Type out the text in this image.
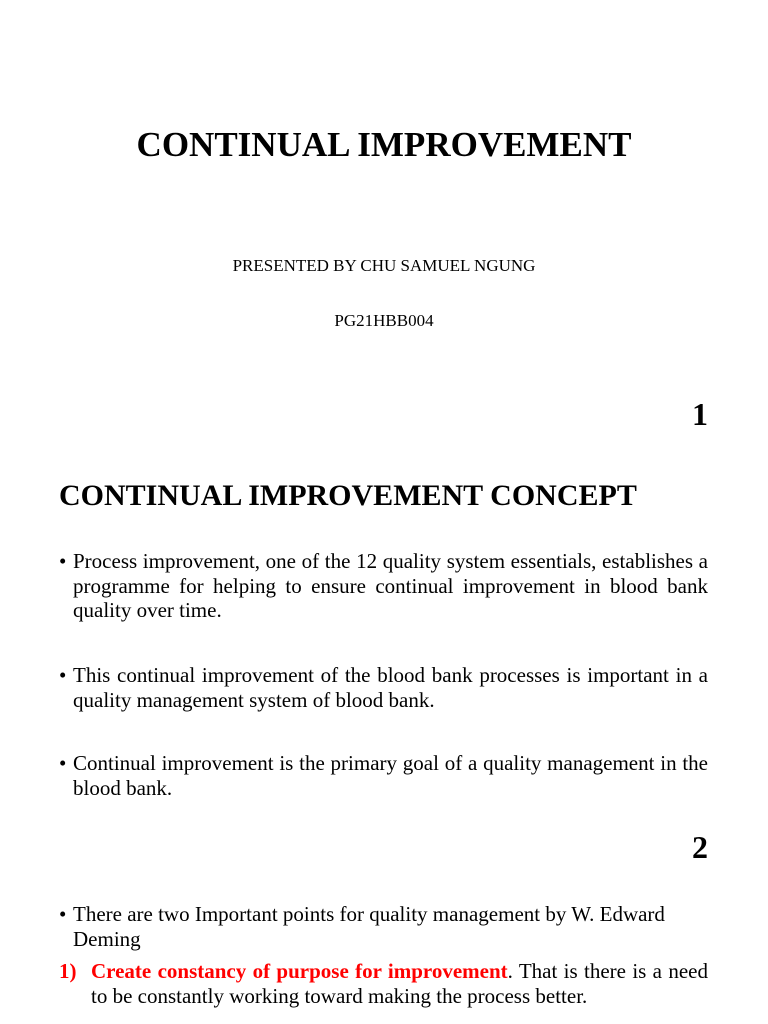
CONTINUAL IMPROVEMENT
PRESENTED BY CHU SAMUEL NGUNG
PG21HBB004
1
CONTINUAL IMPROVEMENT CONCEPT
• Process improvement, one of the 12 quality system essentials, establishes a programme for helping to ensure continual improvement in blood bank quality over time.
• This continual improvement of the blood bank processes is important in a quality management system of blood bank.
• Continual improvement is the primary goal of a quality management in the blood bank.
2
• There are two Important points for quality management by W. Edward Deming
1) Create constancy of purpose for improvement. That is there is a need to be constantly working toward making the process better.
